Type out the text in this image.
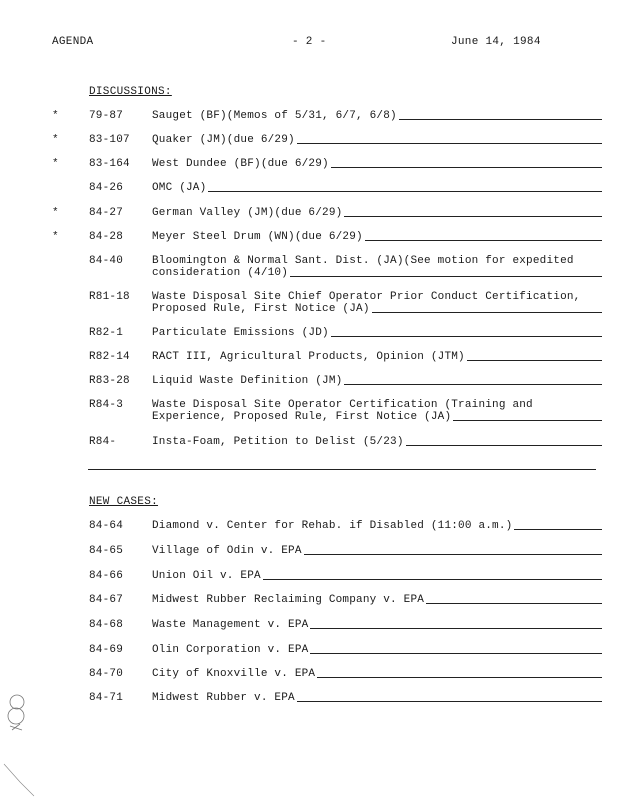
AGENDA	- 2 -	June 14, 1984
DISCUSSIONS:
*	79-87	Sauget (BF)(Memos of 5/31, 6/7, 6/8)
*	83-107 Quaker (JM)(due 6/29)
*	83-164 West Dundee (BF)(due 6/29)
84-26	OMC (JA)
*	84-27	German Valley (JM)(due 6/29)
*	84-28	Meyer Steel Drum (WN)(due 6/29)
84-40	Bloomington & Normal Sant. Dist. (JA)(See motion for expedited
consideration (4/10)
R81-18 Waste Disposal Site Chief Operator Prior Conduct Certification,
Proposed Rule, First Notice (JA)
R82-1	Particulate Emissions (JD)
R82-14 RACT III, Agricultural Products, Opinion (JTM)
R83-28 Liquid Waste Definition (JM)
R84-3	Waste Disposal Site Operator Certification (Training and
Experience, Proposed Rule, First Notice (JA)
R84-	Insta-Foam, Petition to Delist (5/23)
NEW CASES:
84-64	Diamond v. Center for Rehab. if Disabled (11:00 a.m.)
84-65	Village of Odin v. EPA
84-66	Union Oil v. EPA
84-67	Midwest Rubber Reclaiming Company v. EPA
84-68	Waste Management v. EPA
84-69	Olin Corporation v. EPA
84-70	City of Knoxville v. EPA
84-71	Midwest Rubber v. EPA
